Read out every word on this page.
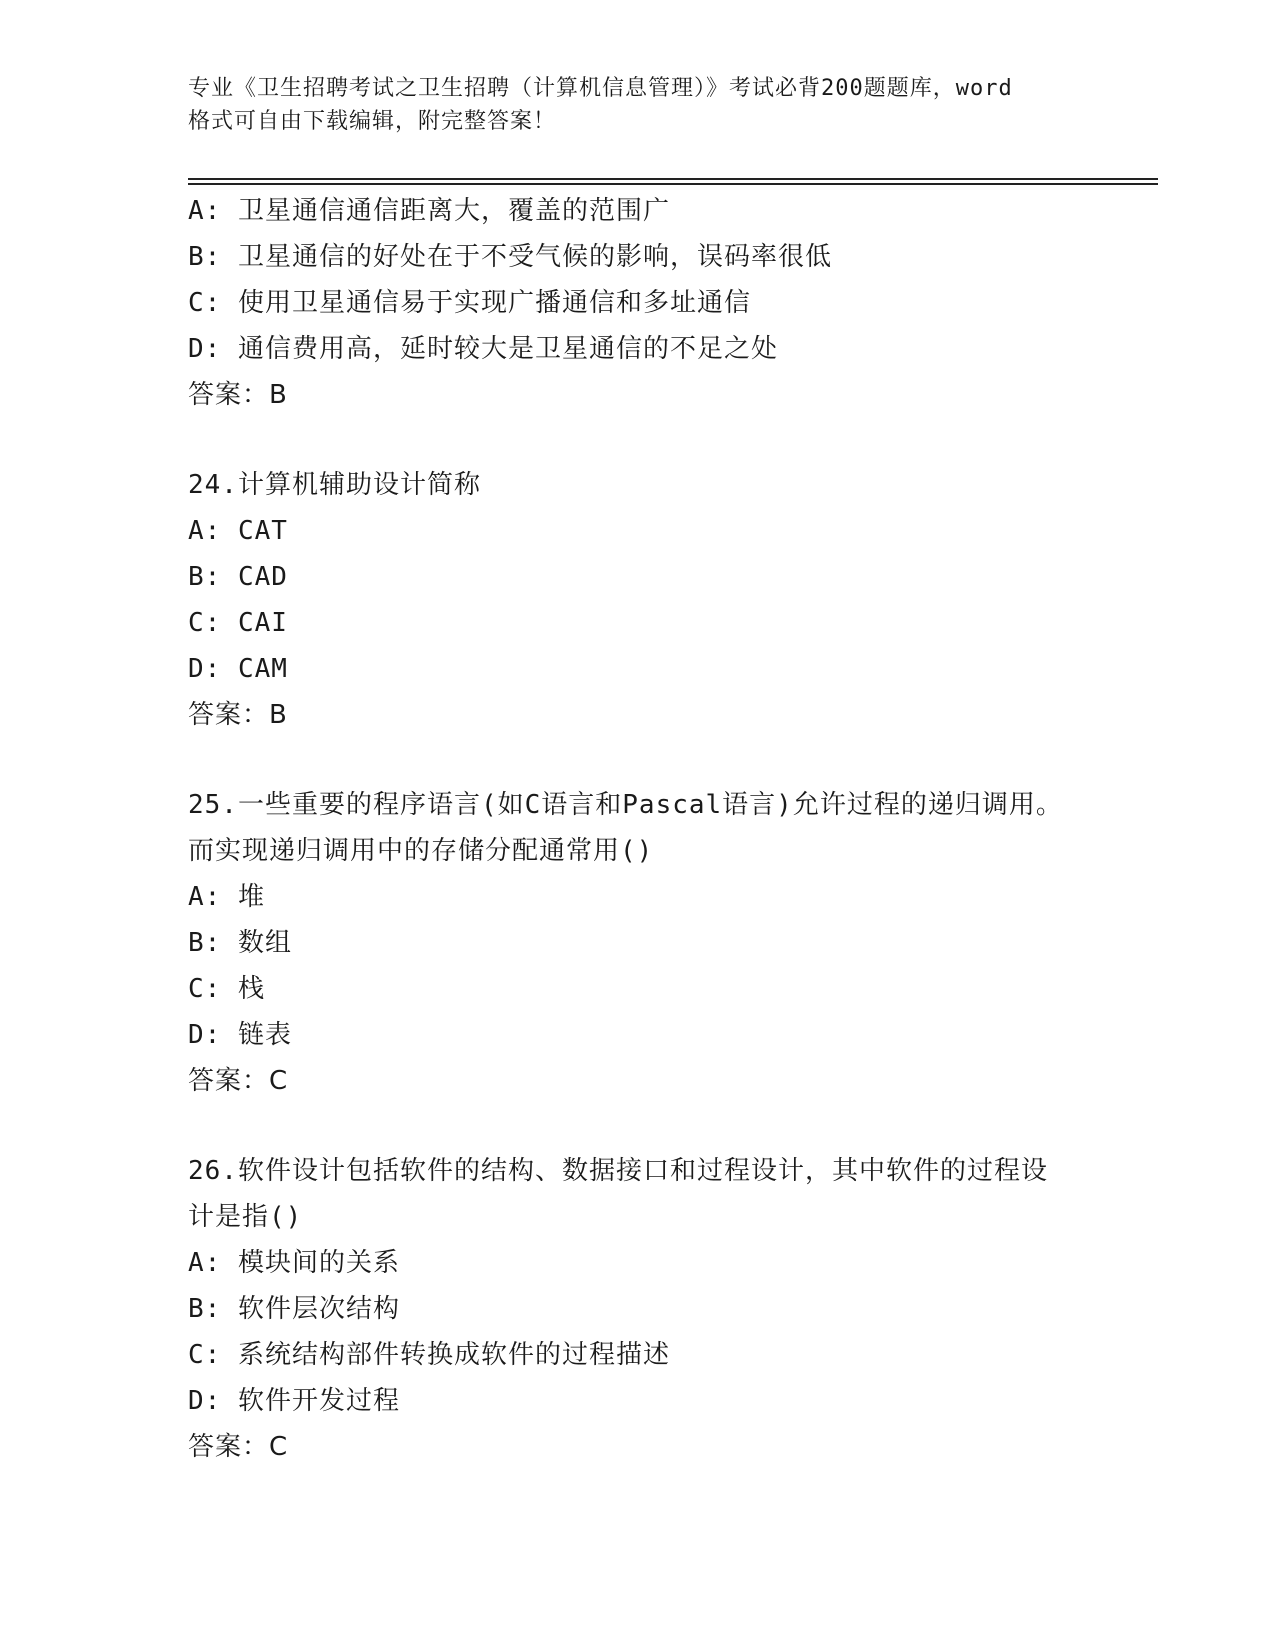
专业《卫生招聘考试之卫生招聘（计算机信息管理）》考试必背200题题库，word
格式可自由下载编辑，附完整答案！
A: 卫星通信通信距离大，覆盖的范围广
B: 卫星通信的好处在于不受气候的影响，误码率很低
C: 使用卫星通信易于实现广播通信和多址通信
D: 通信费用高，延时较大是卫星通信的不足之处
答案：B
24.计算机辅助设计简称
A: CAT
B: CAD
C: CAI
D: CAM
答案：B
25.一些重要的程序语言(如C语言和Pascal语言)允许过程的递归调用。而实现递归调用中的存储分配通常用()
A: 堆
B: 数组
C: 栈
D: 链表
答案：C
26.软件设计包括软件的结构、数据接口和过程设计，其中软件的过程设计是指()
A: 模块间的关系
B: 软件层次结构
C: 系统结构部件转换成软件的过程描述
D: 软件开发过程
答案：C
